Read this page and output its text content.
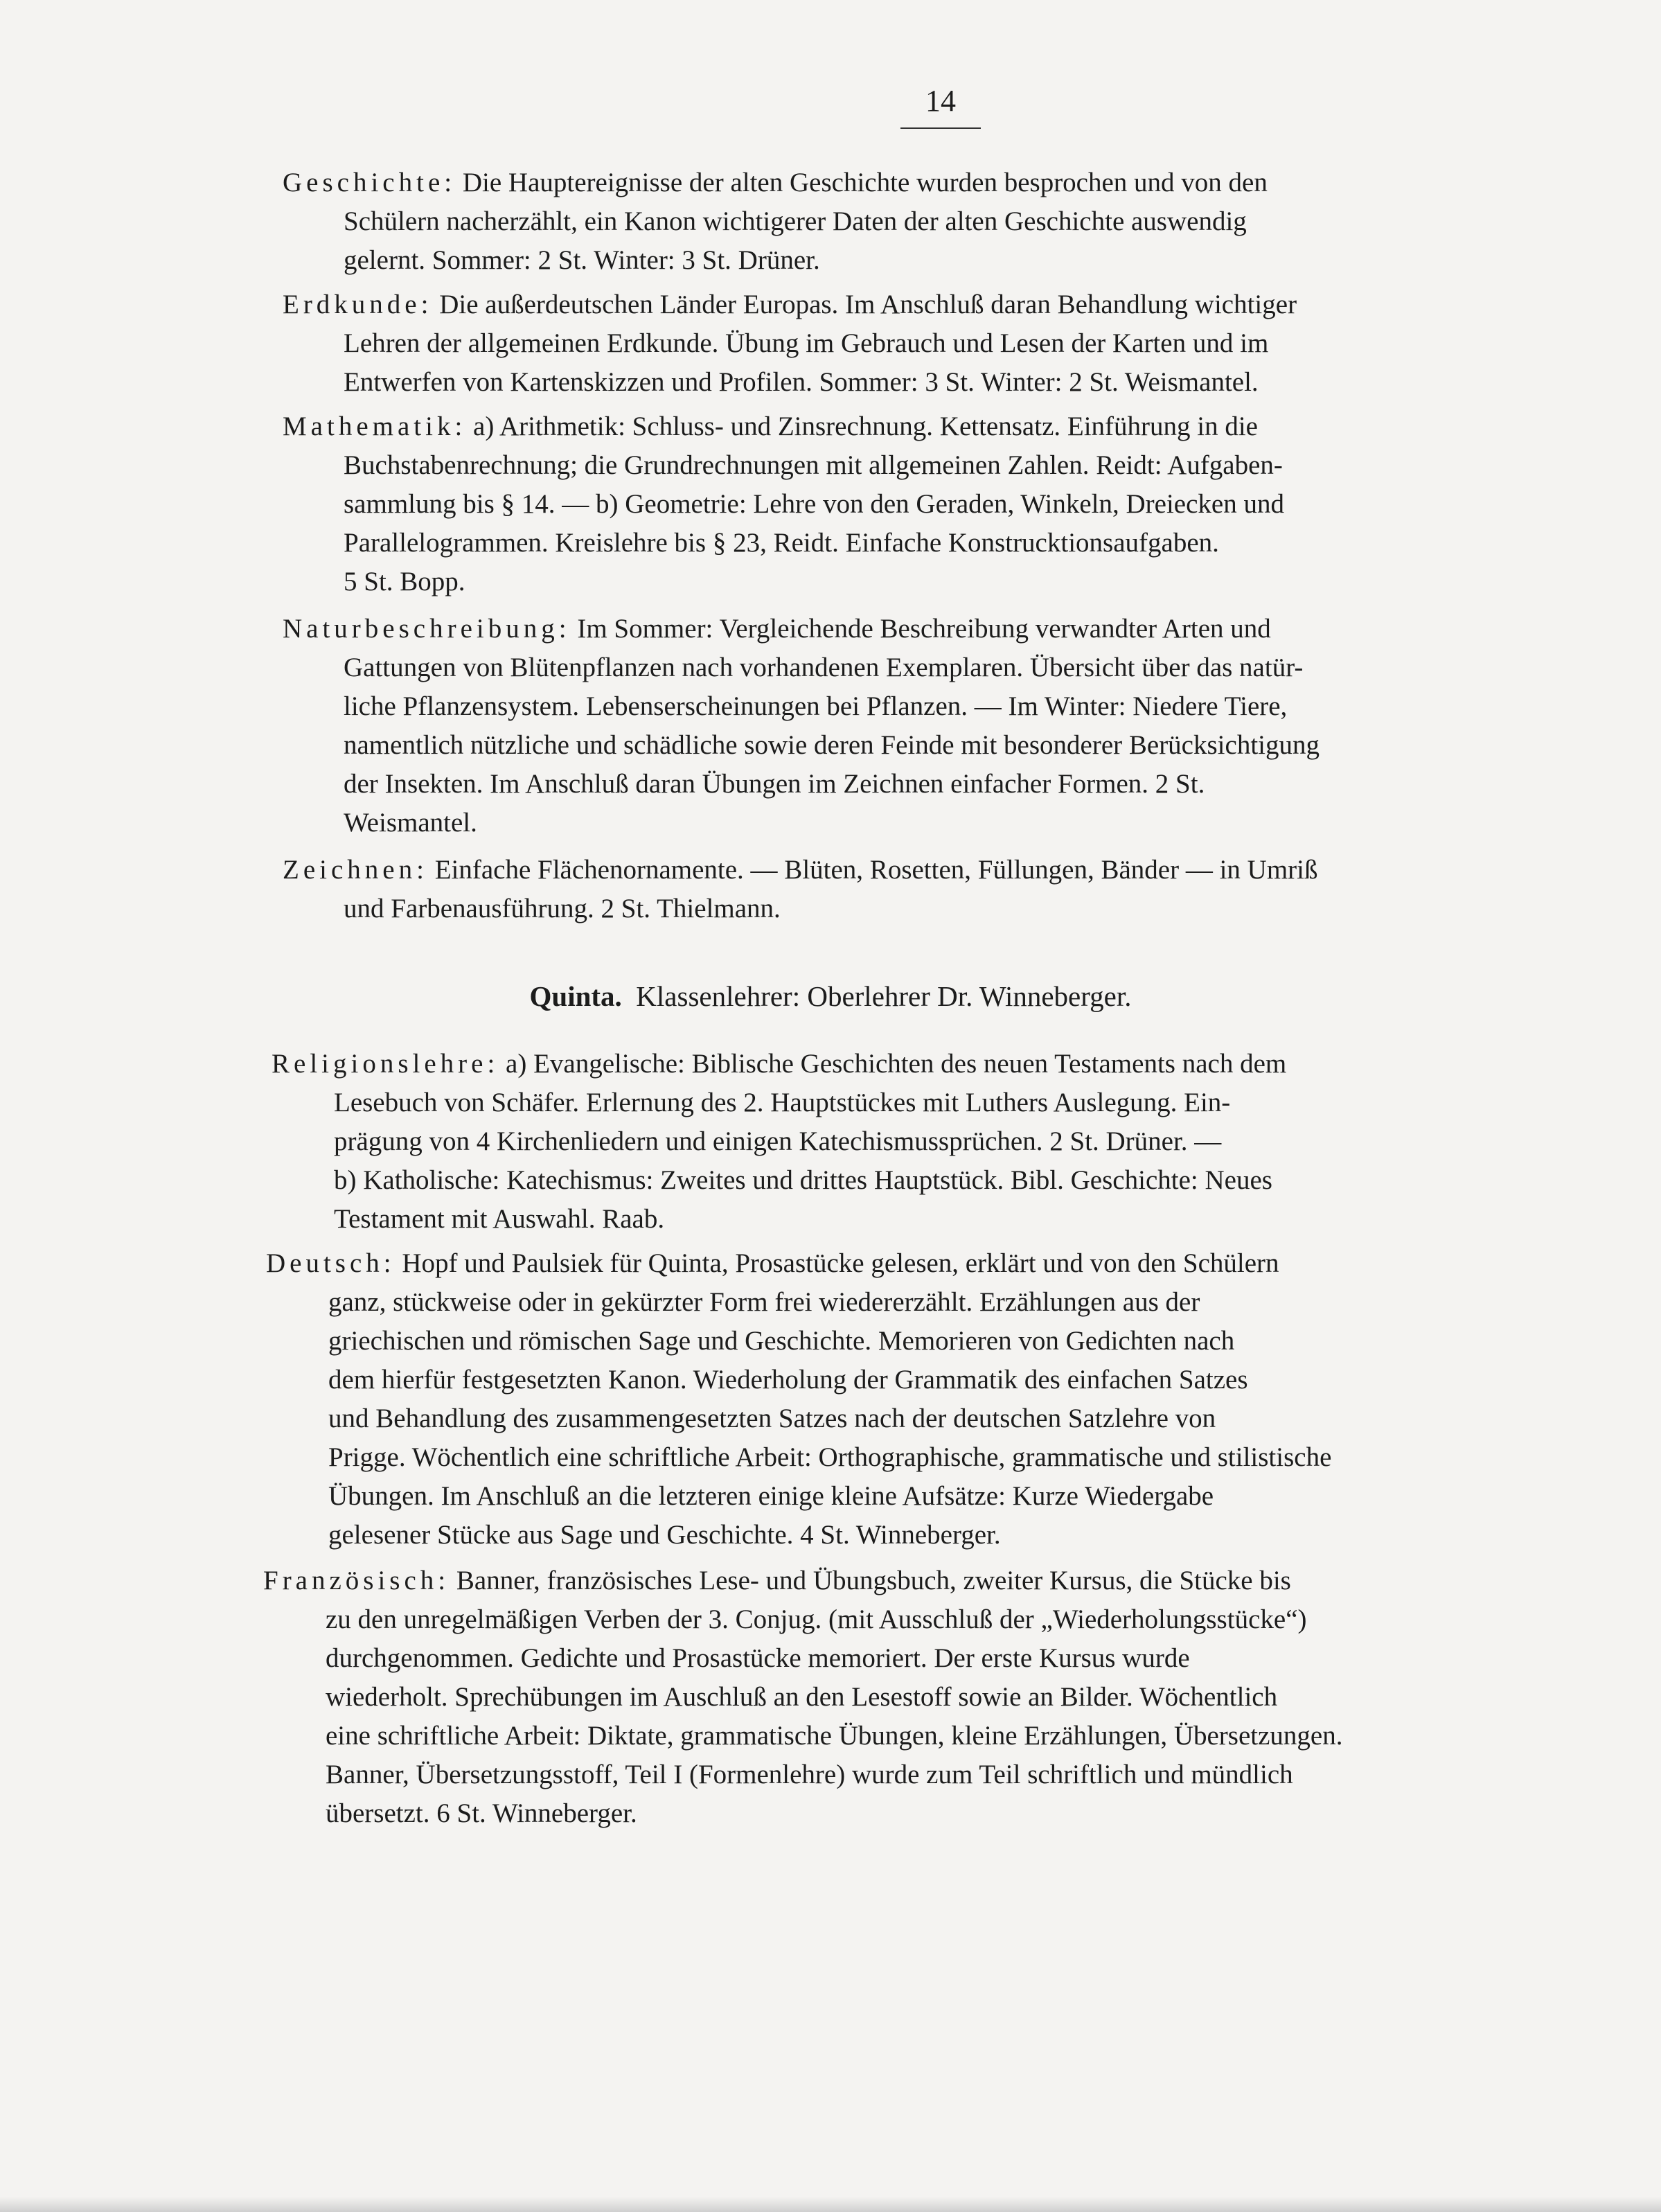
14
Geschichte: Die Hauptereignisse der alten Geschichte wurden besprochen und von den
Schülern nacherzählt, ein Kanon wichtigerer Daten der alten Geschichte auswendig
gelernt. Sommer: 2 St. Winter: 3 St. Drüner.
Erdkunde: Die außerdeutschen Länder Europas. Im Anschluß daran Behandlung wichtiger
Lehren der allgemeinen Erdkunde. Übung im Gebrauch und Lesen der Karten und im
Entwerfen von Kartenskizzen und Profilen. Sommer: 3 St. Winter: 2 St. Weismantel.
Mathematik: a) Arithmetik: Schluss- und Zinsrechnung. Kettensatz. Einführung in die
Buchstabenrechnung; die Grundrechnungen mit allgemeinen Zahlen. Reidt: Aufgaben-
sammlung bis § 14. — b) Geometrie: Lehre von den Geraden, Winkeln, Dreiecken und
Parallelogrammen. Kreislehre bis § 23, Reidt. Einfache Konstrucktionsaufgaben.
5 St. Bopp.
Naturbeschreibung: Im Sommer: Vergleichende Beschreibung verwandter Arten und
Gattungen von Blütenpflanzen nach vorhandenen Exemplaren. Übersicht über das natür-
liche Pflanzensystem. Lebenserscheinungen bei Pflanzen. — Im Winter: Niedere Tiere,
namentlich nützliche und schädliche sowie deren Feinde mit besonderer Berücksichtigung
der Insekten. Im Anschluß daran Übungen im Zeichnen einfacher Formen. 2 St.
Weismantel.
Zeichnen: Einfache Flächenornamente. — Blüten, Rosetten, Füllungen, Bänder — in Umriß
und Farbenausführung. 2 St. Thielmann.
Quinta. Klassenlehrer: Oberlehrer Dr. Winneberger.
Religionslehre: a) Evangelische: Biblische Geschichten des neuen Testaments nach dem
Lesebuch von Schäfer. Erlernung des 2. Hauptstückes mit Luthers Auslegung. Ein-
prägung von 4 Kirchenliedern und einigen Katechismussprüchen. 2 St. Drüner. —
b) Katholische: Katechismus: Zweites und drittes Hauptstück. Bibl. Geschichte: Neues
Testament mit Auswahl. Raab.
Deutsch: Hopf und Paulsiek für Quinta, Prosastücke gelesen, erklärt und von den Schülern
ganz, stückweise oder in gekürzter Form frei wiedererzählt. Erzählungen aus der
griechischen und römischen Sage und Geschichte. Memorieren von Gedichten nach
dem hierfür festgesetzten Kanon. Wiederholung der Grammatik des einfachen Satzes
und Behandlung des zusammengesetzten Satzes nach der deutschen Satzlehre von
Prigge. Wöchentlich eine schriftliche Arbeit: Orthographische, grammatische und stilistische
Übungen. Im Anschluß an die letzteren einige kleine Aufsätze: Kurze Wiedergabe
gelesener Stücke aus Sage und Geschichte. 4 St. Winneberger.
Französisch: Banner, französisches Lese- und Übungsbuch, zweiter Kursus, die Stücke bis
zu den unregelmäßigen Verben der 3. Conjug. (mit Ausschluß der „Wiederholungsstücke“)
durchgenommen. Gedichte und Prosastücke memoriert. Der erste Kursus wurde
wiederholt. Sprechübungen im Auschluß an den Lesestoff sowie an Bilder. Wöchentlich
eine schriftliche Arbeit: Diktate, grammatische Übungen, kleine Erzählungen, Übersetzungen.
Banner, Übersetzungsstoff, Teil I (Formenlehre) wurde zum Teil schriftlich und mündlich
übersetzt. 6 St. Winneberger.
